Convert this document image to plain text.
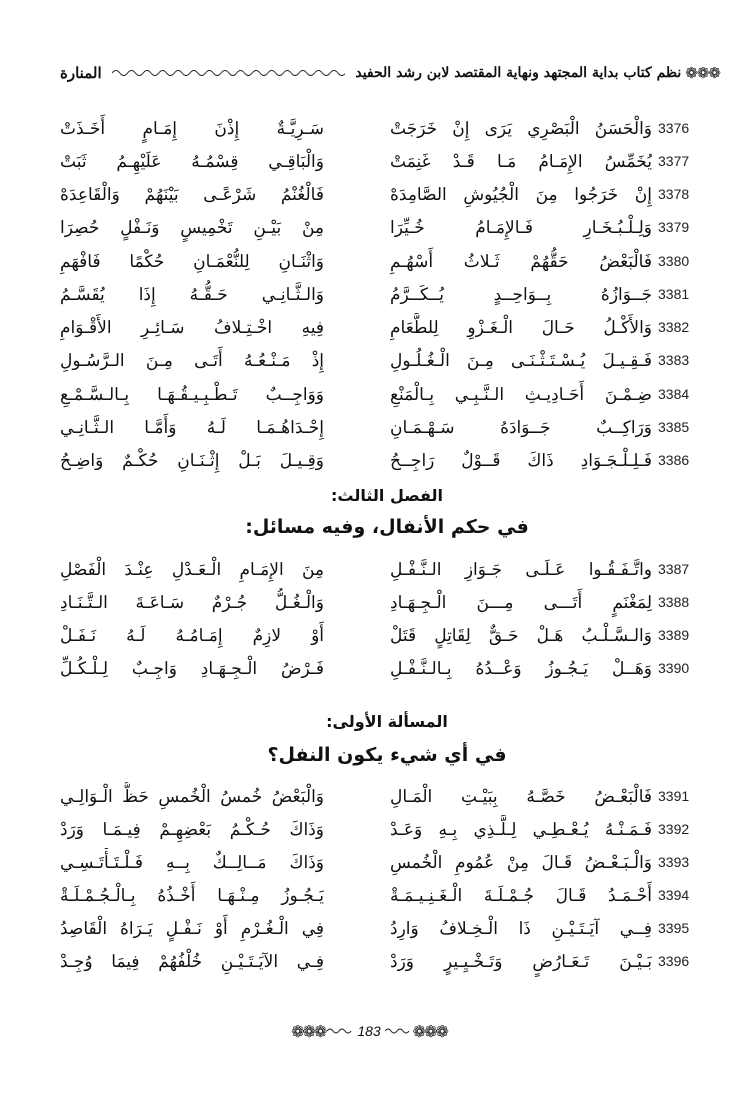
❁❁❁
نظم كتاب بداية المجتهد ونهاية المقتصد لابن رشد الحفيد
المنارة
3376
وَالْحَسَنُ الْبَصْرِي يَرَى إِنْ خَرَجَتْ
سَـرِيَّـةٌ إِذْنَ إِمَـامٍ أَخَـذَتْ
3377
يُخَمِّسُ الإِمَـامُ مَـا قَـدْ غَنِمَتْ
وَالْبَاقِـي قِسْمُـهُ عَلَيْهِـمُ ثَبَتْ
3378
إِنْ خَرَجُوا مِنَ الْجُيُوشِ الصَّامِدَهْ
فَالْغُنْمُ شَرْعًـى بَيْنَهُمْ وَالْقَاعِدَهْ
3379
وَلِـلْـبُـخَـارِ فَـالإِمَـامُ خُـيِّرَا
مِنْ بَيْـنِ تَخْمِيسٍ وَنَـفْلٍ حُصِرَا
3380
فَالْبَعْضُ حَقُّهُمْ ثَـلاثُ أَسْهُـمِ
وَاثْنَـانِ لِلنُّعْمَـانِ حُكْمًا فَافْهَمِ
3381
جَــوَازُهُ بِــوَاحِــدٍ يُــكَــرَّمُ
وَالـثَّـانِـي حَـقُّـهُ إِذَا يُقَسَّـمُ
3382
وَالأَكْـلُ حَـالَ الْـغَـزْوِ لِلطَّعَامِ
فِيهِ اخْـتِـلافُ سَـائِـرِ الأَقْـوَامِ
3383
فَـقِـيـلَ يُـسْـتَـثْـنَـى مِـنَ الْـغُـلُـولِ
إِذْ مَـنْـعُـهُ أَتَـى مِـنَ الـرَّسُـولِ
3384
ضِـمْـنَ أَحَـادِيـثِ الـنَّـبِـي بِـالْمَنْعِ
وَوَاجِــبٌ تَـطْـبِـيـقُـهَـا بِـالـسَّـمْـعِ
3385
وَرَاكِــبٌ جَــوَادَهُ سَـهْـمَـانِ
إِحْـدَاهُـمَـا لَـهُ وَأَمَّـا الـثَّـانِـي
3386
فَـلِـلْـجَـوَادِ ذَاكَ قَــوْلٌ رَاجِــحُ
وَقِـيـلَ بَـلْ إِثْـنَـانِ حُكْـمٌ وَاضِـحُ
الفصل الثالث:
في حكم الأنفال، وفيه مسائل:
3387
واتَّـفَـقُـوا عَـلَـى جَـوَازِ الـنَّـفْـلِ
مِنَ الإِمَـامِ الْـعَـدْلِ عِنْـدَ الْفَصْلِ
3388
لِمَغْنَمٍ أَتَـــى مِـــنَ الْـجِـهَـادِ
وَالْـغُـلُّ جُـرْمٌ سَـاعَـةَ الـتَّـنَـادِ
3389
وَالـسَّـلْـبُ هَـلْ حَـقٌّ لِقَاتِلٍ قَتَلْ
أَوْ لازِمٌ إِمَـامُـهُ لَـهُ نَـفَـلْ
3390
وَهَــلْ يَـجُـوزُ وَعْــدُهُ بِـالـنَّـفْـلِ
فَـرْضُ الْـجِـهَـادِ وَاجِـبٌ لِـلْـكُـلِّ
المسألة الأولى:
في أي شيء يكون النفل؟
3391
فَالْبَعْـضُ خَصَّـهُ بِبَيْـتِ الْمَـالِ
وَالْبَعْضُ خُمسُ الْخُمسِ حَظُّ الْـوَالِـي
3392
فَـمَـنْـهُ يُـعْـطِـي لِـلَّـذِي بِـهِ وَعَـدْ
وَذَاكَ حُـكْـمُ بَعْضِهِـمْ فِيـمَـا وَرَدْ
3393
وَالْـبَـعْـضُ قَـالَ مِنْ عُمُومِ الْخُمسِ
وَذَاكَ مَــالِــكٌ بِــهِ فَـلْـتَـأْتَـسِـي
3394
أَحْـمَـدُ قَـالَ جُـمْـلَـةَ الْـغَـنِـيـمَـةْ
يَـجُـوزُ مِـنْـهَـا أَخْـذُهُ بِـالْـجُـمْـلَـةْ
3395
فِــي آيَـتَـيْـنِ ذَا الْـخِـلافُ وَارِدُ
فِي الْـغُـرْمِ أَوْ نَـفْـلٍ يَـرَاهُ الْقَاصِدُ
3396
بَـيْـنَ تَـعَـارُضٍ وَتَـخْـيِـيرٍ وَرَدْ
فِـي الآيَـتَـيْـنِ خُلْفُهُمْ فِيمَا وُجِـدْ
❁❁❁ 183 ❁❁❁
